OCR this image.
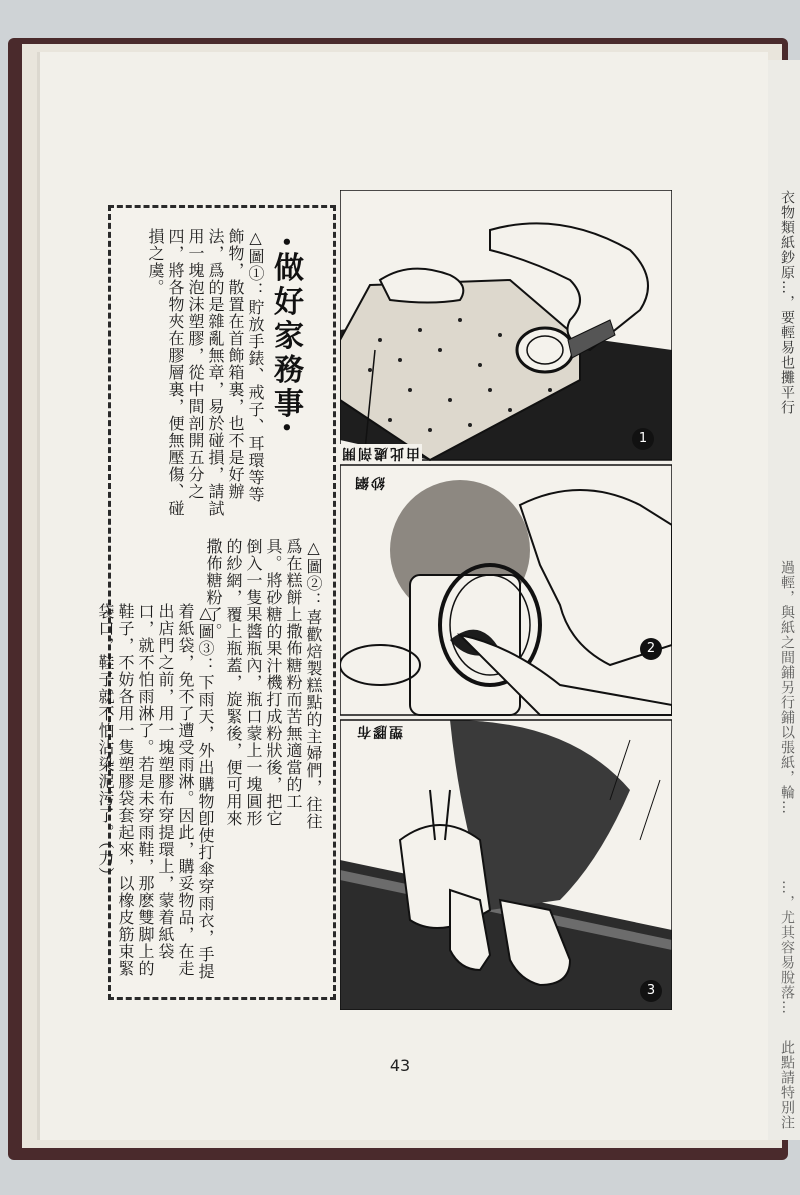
衣物類紙鈔原…，要輕易也攤平行
過輕，與紙之間鋪另行鋪以張紙，輪…
…，尤其容易脫落…
此點請特別注
•做好家務事•
△圖①：貯放手錶、戒子、耳環等等飾物，散置在首飾箱裏，也不是好辦法，爲的是雜亂無章，易於碰損，請試用一塊泡沫塑膠，從中間剖開五分之四，將各物夾在膠層裏，便無壓傷、碰損之虞。
△圖②：喜歡焙製糕點的主婦們，往往爲在糕餅上撒佈糖粉而苦無適當的工具。將砂糖的果汁機打成粉狀後，把它倒入一隻果醬瓶內，瓶口蒙上一塊圓形的紗網，覆上瓶蓋，旋緊後，便可用來撒佈糖粉了。
△圖③：下雨天，外出購物卽使打傘穿雨衣，手提着紙袋，免不了遭受雨淋。因此，購妥物品，在走出店門之前，用一塊塑膠布穿提環上，蒙着紙袋口，就不怕雨淋了。若是未穿雨鞋，那麽雙脚上的鞋子，不妨各用一隻塑膠袋套起來，以橡皮筋束緊袋口，鞋子就不怕沾染泥污了。（力）
由此處剖開
紗網
塑膠布
1
2
3
43
